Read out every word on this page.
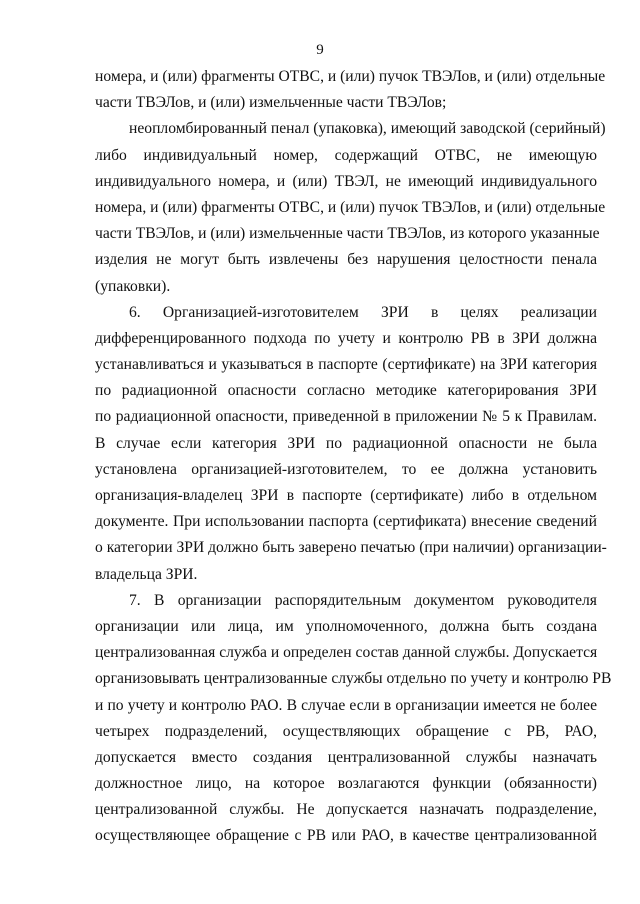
9
номера, и (или) фрагменты ОТВС, и (или) пучок ТВЭЛов, и (или) отдельные
части ТВЭЛов, и (или) измельченные части ТВЭЛов;
неопломбированный пенал (упаковка), имеющий заводской (серийный)
либо индивидуальный номер, содержащий ОТВС, не имеющую
индивидуального номера, и (или) ТВЭЛ, не имеющий индивидуального
номера, и (или) фрагменты ОТВС, и (или) пучок ТВЭЛов, и (или) отдельные
части ТВЭЛов, и (или) измельченные части ТВЭЛов, из которого указанные
изделия не могут быть извлечены без нарушения целостности пенала
(упаковки).
6. Организацией-изготовителем ЗРИ в целях реализации
дифференцированного подхода по учету и контролю РВ в ЗРИ должна
устанавливаться и указываться в паспорте (сертификате) на ЗРИ категория
по радиационной опасности согласно методике категорирования ЗРИ
по радиационной опасности, приведенной в приложении № 5 к Правилам.
В случае если категория ЗРИ по радиационной опасности не была
установлена организацией-изготовителем, то ее должна установить
организация-владелец ЗРИ в паспорте (сертификате) либо в отдельном
документе. При использовании паспорта (сертификата) внесение сведений
о категории ЗРИ должно быть заверено печатью (при наличии) организации-
владельца ЗРИ.
7. В организации распорядительным документом руководителя
организации или лица, им уполномоченного, должна быть создана
централизованная служба и определен состав данной службы. Допускается
организовывать централизованные службы отдельно по учету и контролю РВ
и по учету и контролю РАО. В случае если в организации имеется не более
четырех подразделений, осуществляющих обращение с РВ, РАО,
допускается вместо создания централизованной службы назначать
должностное лицо, на которое возлагаются функции (обязанности)
централизованной службы. Не допускается назначать подразделение,
осуществляющее обращение с РВ или РАО, в качестве централизованной
